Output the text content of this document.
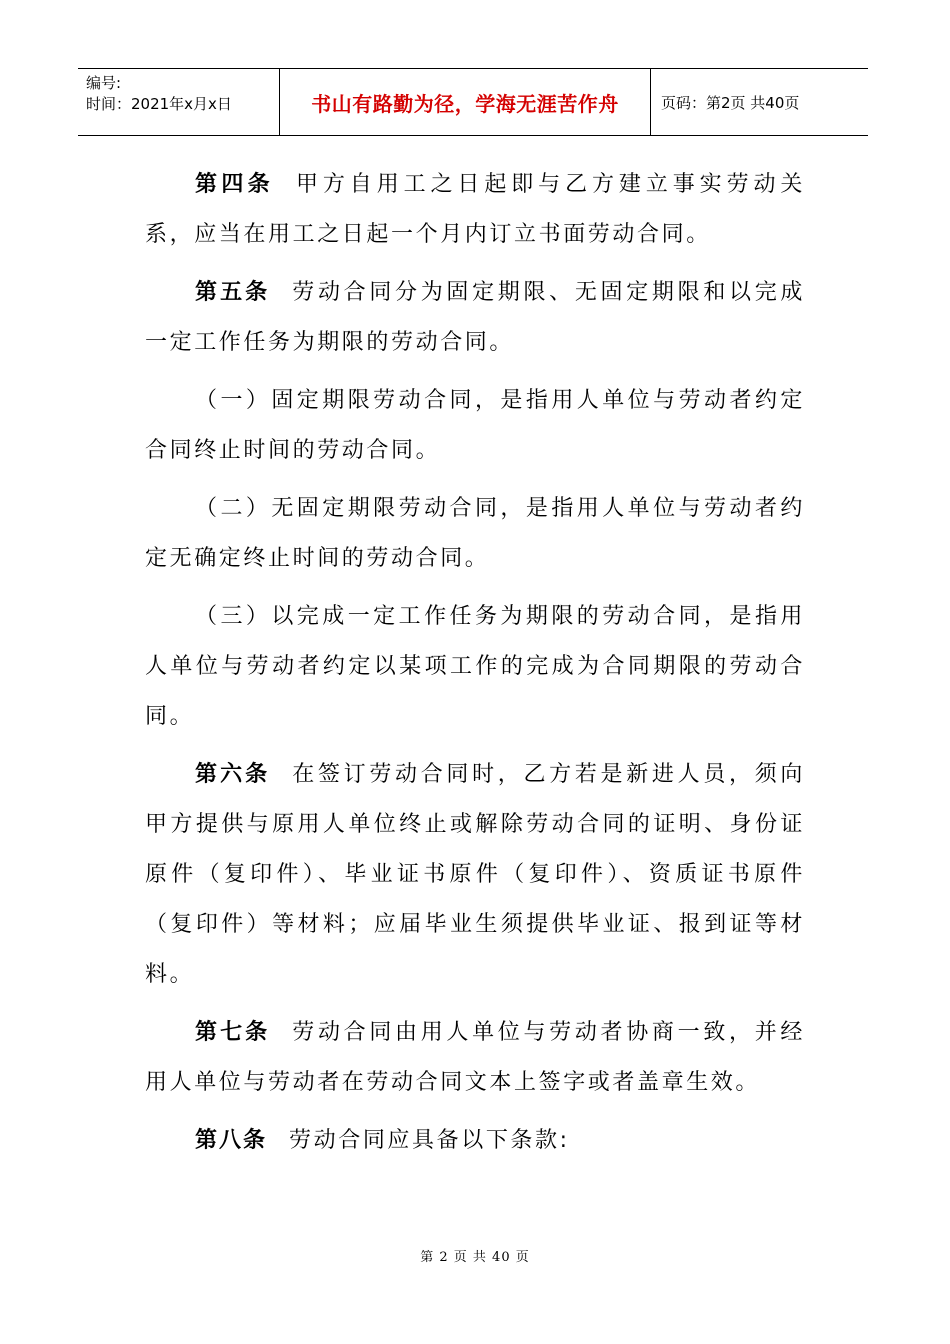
编号:
时间：2021年x月x日	书山有路勤为径，学海无涯苦作舟	页码：第2页 共40页

第四条 甲方自用工之日起即与乙方建立事实劳动关系，应当在用工之日起一个月内订立书面劳动合同。

第五条 劳动合同分为固定期限、无固定期限和以完成一定工作任务为期限的劳动合同。

（一）固定期限劳动合同，是指用人单位与劳动者约定合同终止时间的劳动合同。

（二）无固定期限劳动合同，是指用人单位与劳动者约定无确定终止时间的劳动合同。

（三）以完成一定工作任务为期限的劳动合同，是指用人单位与劳动者约定以某项工作的完成为合同期限的劳动合同。

第六条 在签订劳动合同时，乙方若是新进人员，须向甲方提供与原用人单位终止或解除劳动合同的证明、身份证原件（复印件）、毕业证书原件（复印件）、资质证书原件（复印件）等材料；应届毕业生须提供毕业证、报到证等材料。

第七条 劳动合同由用人单位与劳动者协商一致，并经用人单位与劳动者在劳动合同文本上签字或者盖章生效。

第八条 劳动合同应具备以下条款:

第 2 页 共 40 页
